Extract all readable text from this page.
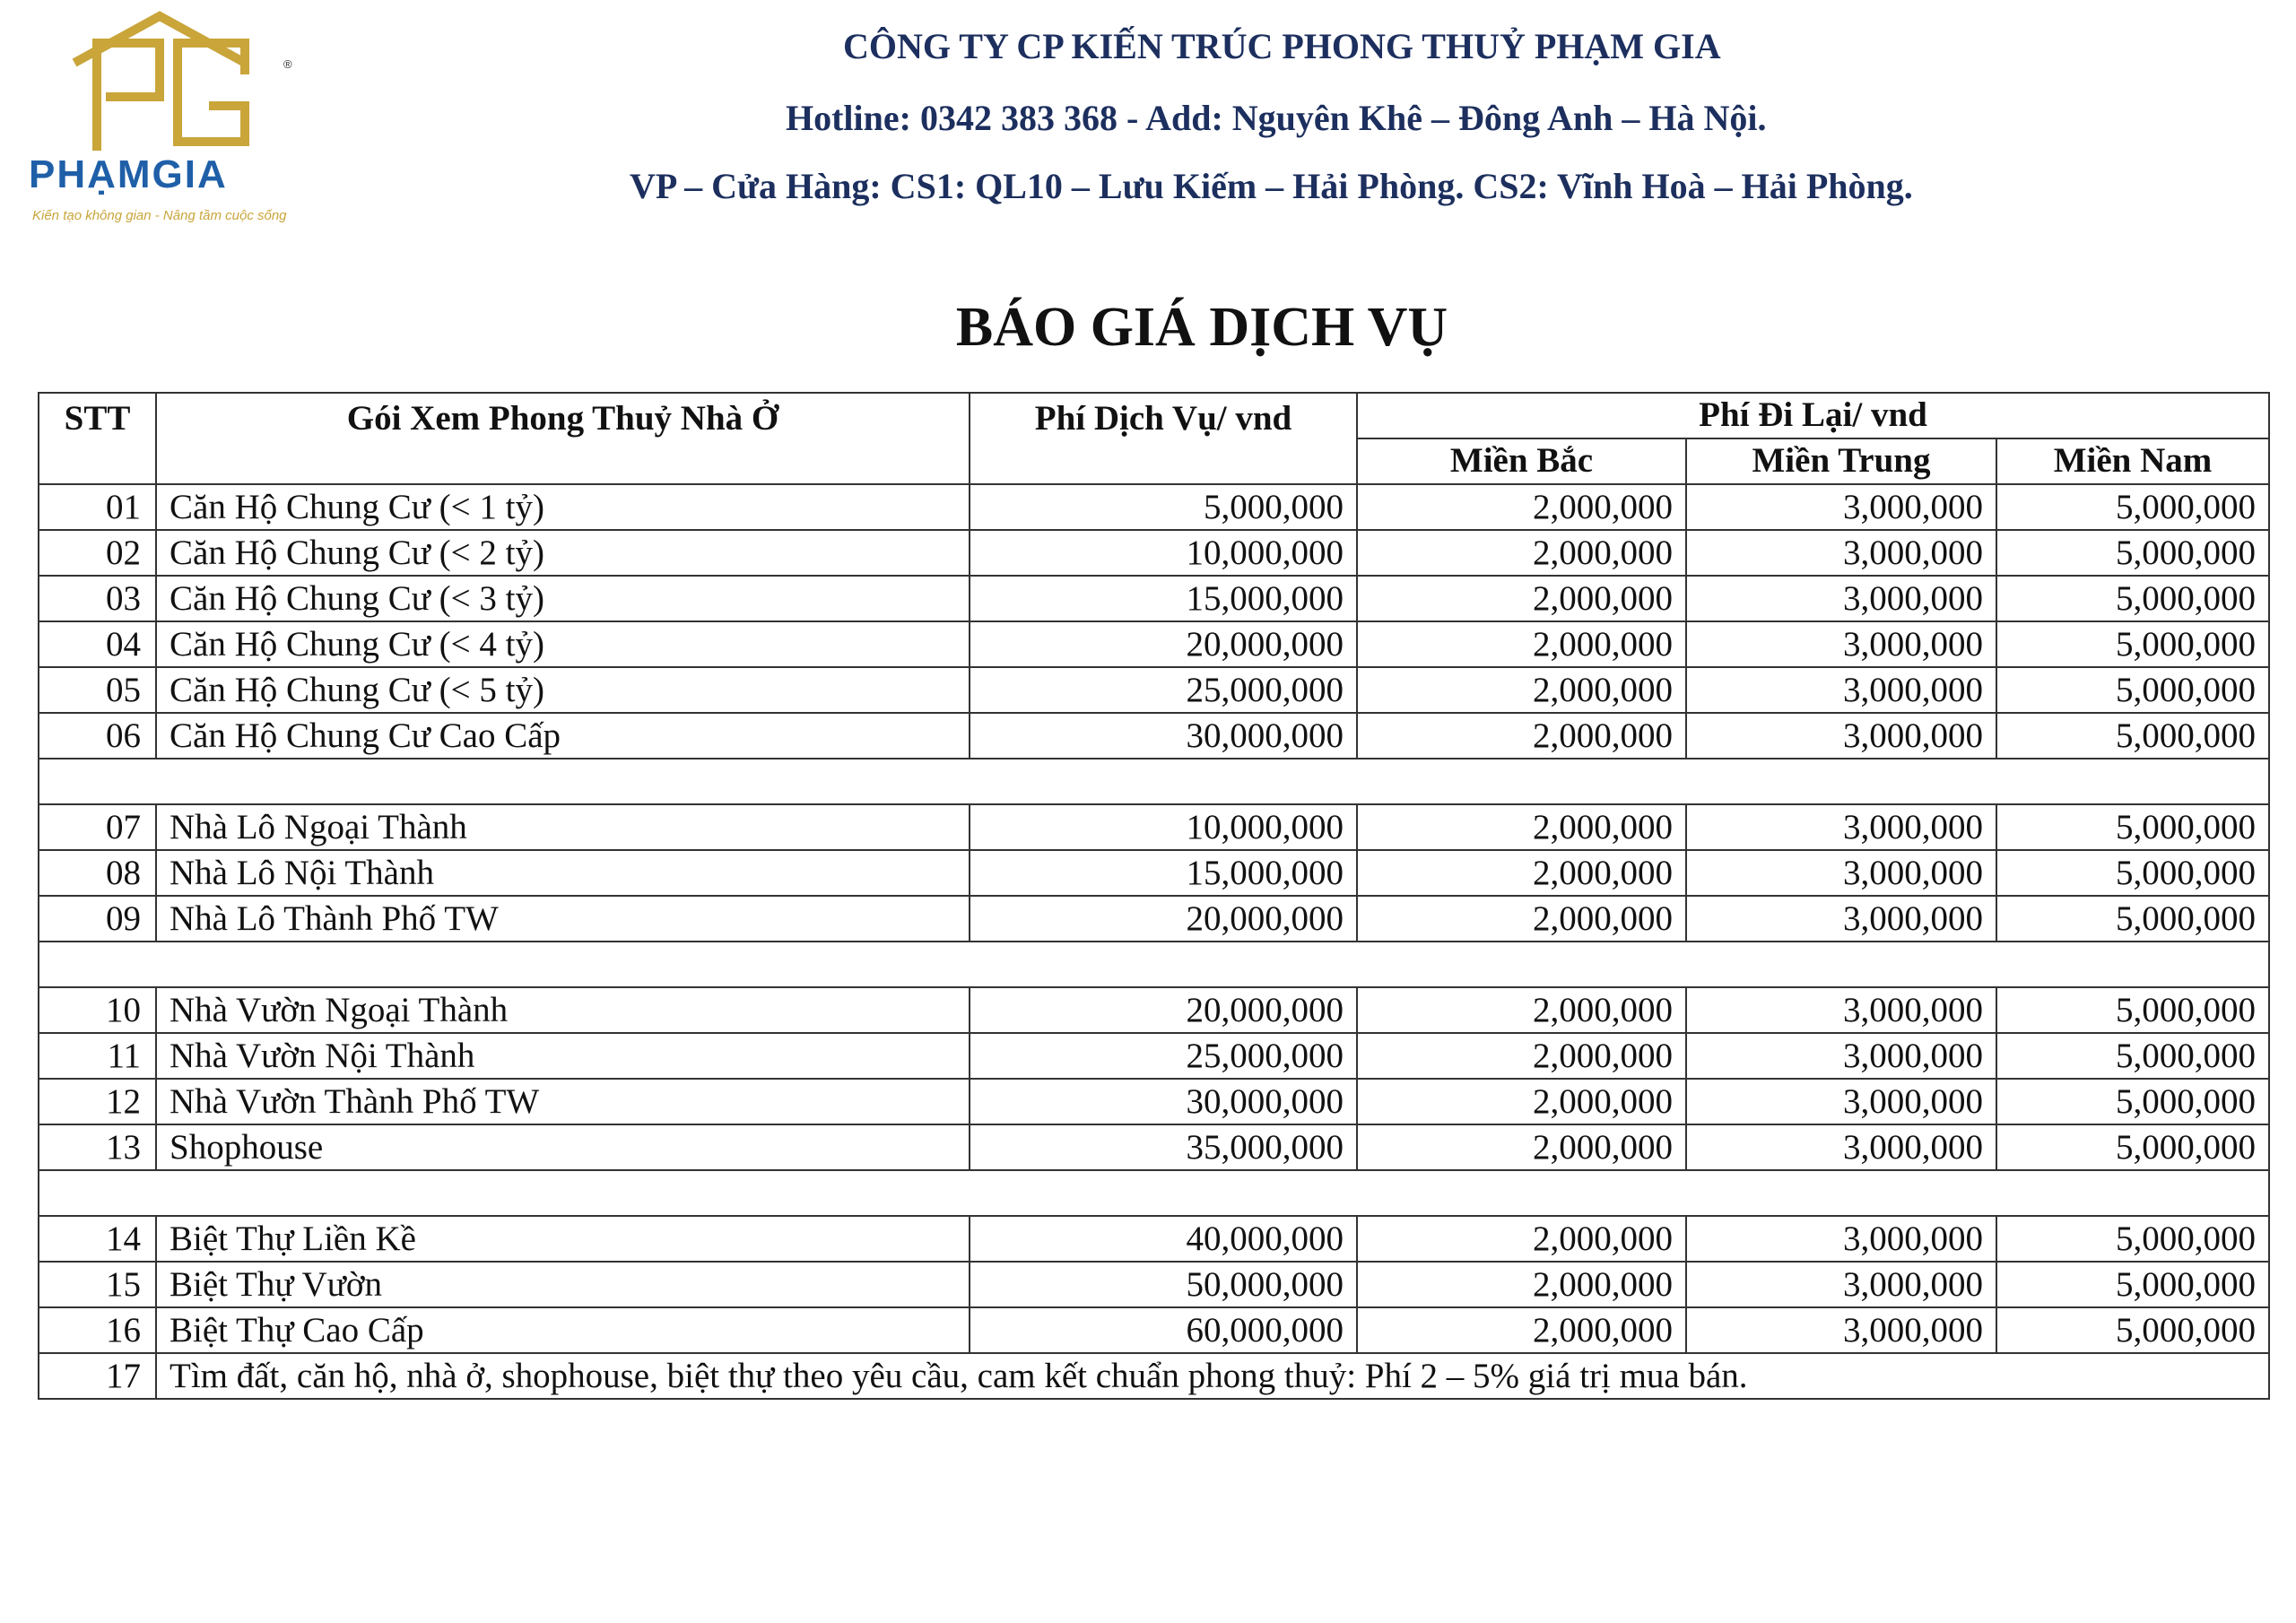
®
PHẠMGIA
Kiến tạo không gian - Nâng tầm cuộc sống
CÔNG TY CP KIẾN TRÚC PHONG THUỶ PHẠM GIA
Hotline: 0342 383 368 - Add: Nguyên Khê – Đông Anh – Hà Nội.
VP – Cửa Hàng: CS1: QL10 – Lưu Kiếm – Hải Phòng. CS2: Vĩnh Hoà – Hải Phòng.
BÁO GIÁ DỊCH VỤ
STT	Gói Xem Phong Thuỷ Nhà Ở	Phí Dịch Vụ/ vnd	Phí Đi Lại/ vnd		
			Miền Bắc	Miền Trung	Miền Nam
01	Căn Hộ Chung Cư (< 1 tỷ)	5,000,000	2,000,000	3,000,000	5,000,000
02	Căn Hộ Chung Cư (< 2 tỷ)	10,000,000	2,000,000	3,000,000	5,000,000
03	Căn Hộ Chung Cư (< 3 tỷ)	15,000,000	2,000,000	3,000,000	5,000,000
04	Căn Hộ Chung Cư (< 4 tỷ)	20,000,000	2,000,000	3,000,000	5,000,000
05	Căn Hộ Chung Cư (< 5 tỷ)	25,000,000	2,000,000	3,000,000	5,000,000
06	Căn Hộ Chung Cư Cao Cấp	30,000,000	2,000,000	3,000,000	5,000,000

07	Nhà Lô Ngoại Thành	10,000,000	2,000,000	3,000,000	5,000,000
08	Nhà Lô Nội Thành	15,000,000	2,000,000	3,000,000	5,000,000
09	Nhà Lô Thành Phố TW	20,000,000	2,000,000	3,000,000	5,000,000

10	Nhà Vườn Ngoại Thành	20,000,000	2,000,000	3,000,000	5,000,000
11	Nhà Vườn Nội Thành	25,000,000	2,000,000	3,000,000	5,000,000
12	Nhà Vườn Thành Phố TW	30,000,000	2,000,000	3,000,000	5,000,000
13	Shophouse	35,000,000	2,000,000	3,000,000	5,000,000

14	Biệt Thự Liền Kề	40,000,000	2,000,000	3,000,000	5,000,000
15	Biệt Thự Vườn	50,000,000	2,000,000	3,000,000	5,000,000
16	Biệt Thự Cao Cấp	60,000,000	2,000,000	3,000,000	5,000,000
17	Tìm đất, căn hộ, nhà ở, shophouse, biệt thự theo yêu cầu, cam kết chuẩn phong thuỷ: Phí 2 – 5% giá trị mua bán.				
